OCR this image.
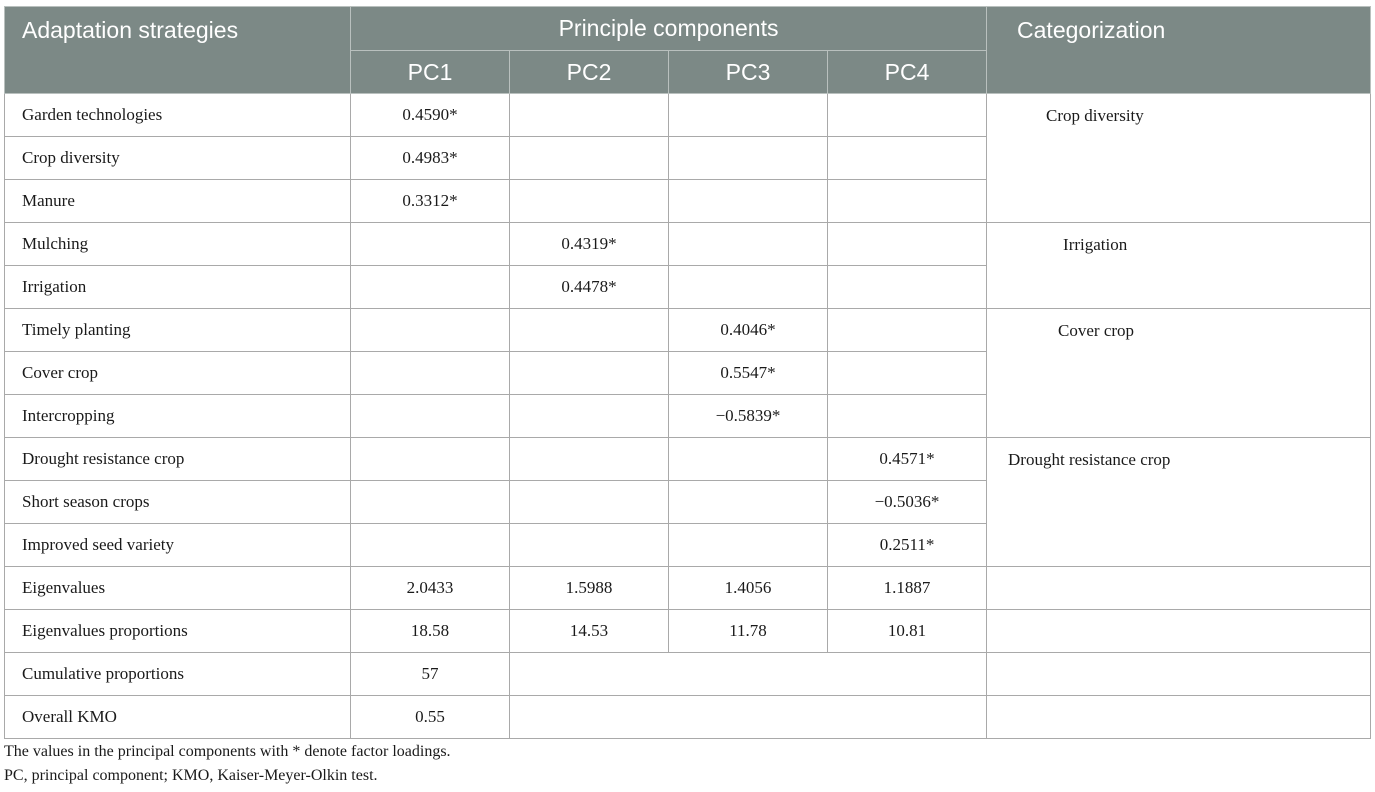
Adaptation strategies	Principle components				Categorization
	PC1	PC2	PC3	PC4	
Garden technologies	0.4590*				Crop diversity
Crop diversity	0.4983*				
Manure	0.3312*				
Mulching		0.4319*			Irrigation
Irrigation		0.4478*			
Timely planting			0.4046*		Cover crop
Cover crop			0.5547*		
Intercropping			−0.5839*		
Drought resistance crop				0.4571*	Drought resistance crop
Short season crops				−0.5036*	
Improved seed variety				0.2511*	
Eigenvalues	2.0433	1.5988	1.4056	1.1887	
Eigenvalues proportions	18.58	14.53	11.78	10.81	
Cumulative proportions	57				
Overall KMO	0.55				
The values in the principal components with * denote factor loadings.
PC, principal component; KMO, Kaiser-Meyer-Olkin test.
